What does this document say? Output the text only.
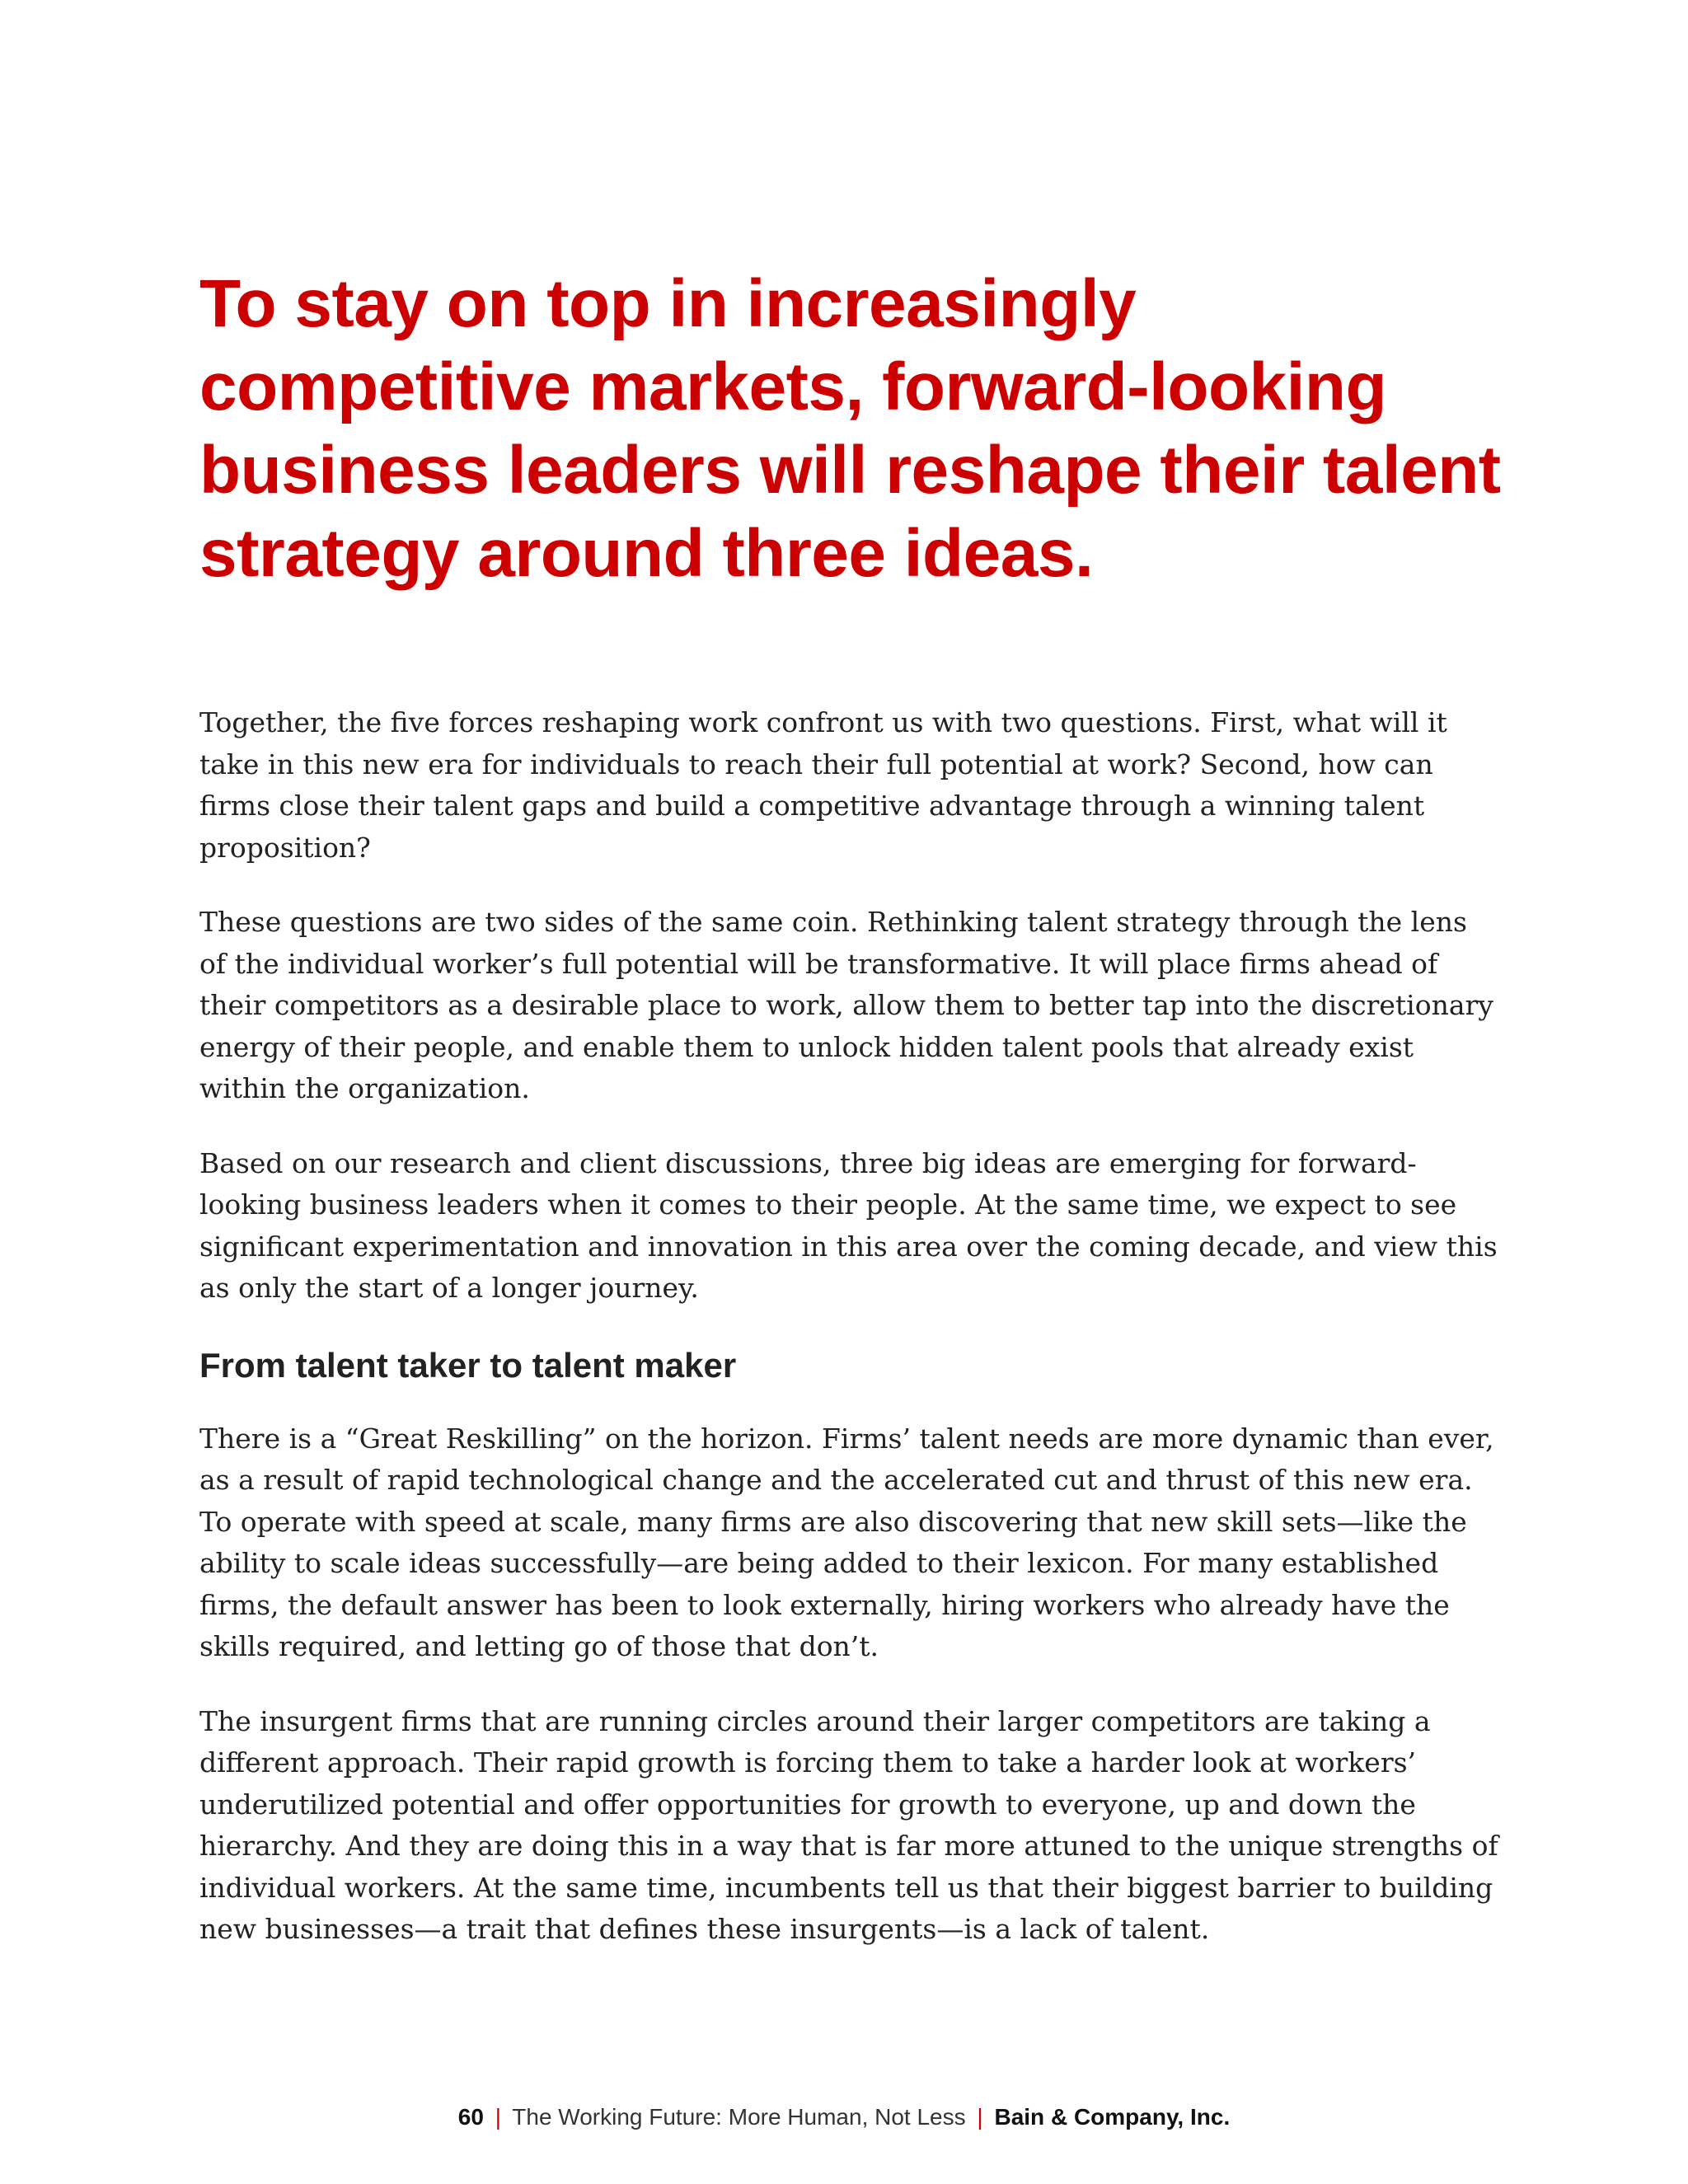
To stay on top in increasingly competitive markets, forward-looking business leaders will reshape their talent strategy around three ideas.

Together, the five forces reshaping work confront us with two questions. First, what will it take in this new era for individuals to reach their full potential at work? Second, how can firms close their talent gaps and build a competitive advantage through a winning talent proposition?

These questions are two sides of the same coin. Rethinking talent strategy through the lens of the individual worker’s full potential will be transformative. It will place firms ahead of their competitors as a desirable place to work, allow them to better tap into the discretionary energy of their people, and enable them to unlock hidden talent pools that already exist within the organization.

Based on our research and client discussions, three big ideas are emerging for forward-looking business leaders when it comes to their people. At the same time, we expect to see significant experimentation and innovation in this area over the coming decade, and view this as only the start of a longer journey.

From talent taker to talent maker

There is a “Great Reskilling” on the horizon. Firms’ talent needs are more dynamic than ever, as a result of rapid technological change and the accelerated cut and thrust of this new era. To operate with speed at scale, many firms are also discovering that new skill sets—like the ability to scale ideas successfully—are being added to their lexicon. For many established firms, the default answer has been to look externally, hiring workers who already have the skills required, and letting go of those that don’t.

The insurgent firms that are running circles around their larger competitors are taking a different approach. Their rapid growth is forcing them to take a harder look at workers’ underutilized potential and offer opportunities for growth to everyone, up and down the hierarchy. And they are doing this in a way that is far more attuned to the unique strengths of individual workers. At the same time, incumbents tell us that their biggest barrier to building new businesses—a trait that defines these insurgents—is a lack of talent.

60 | The Working Future: More Human, Not Less | Bain & Company, Inc.
